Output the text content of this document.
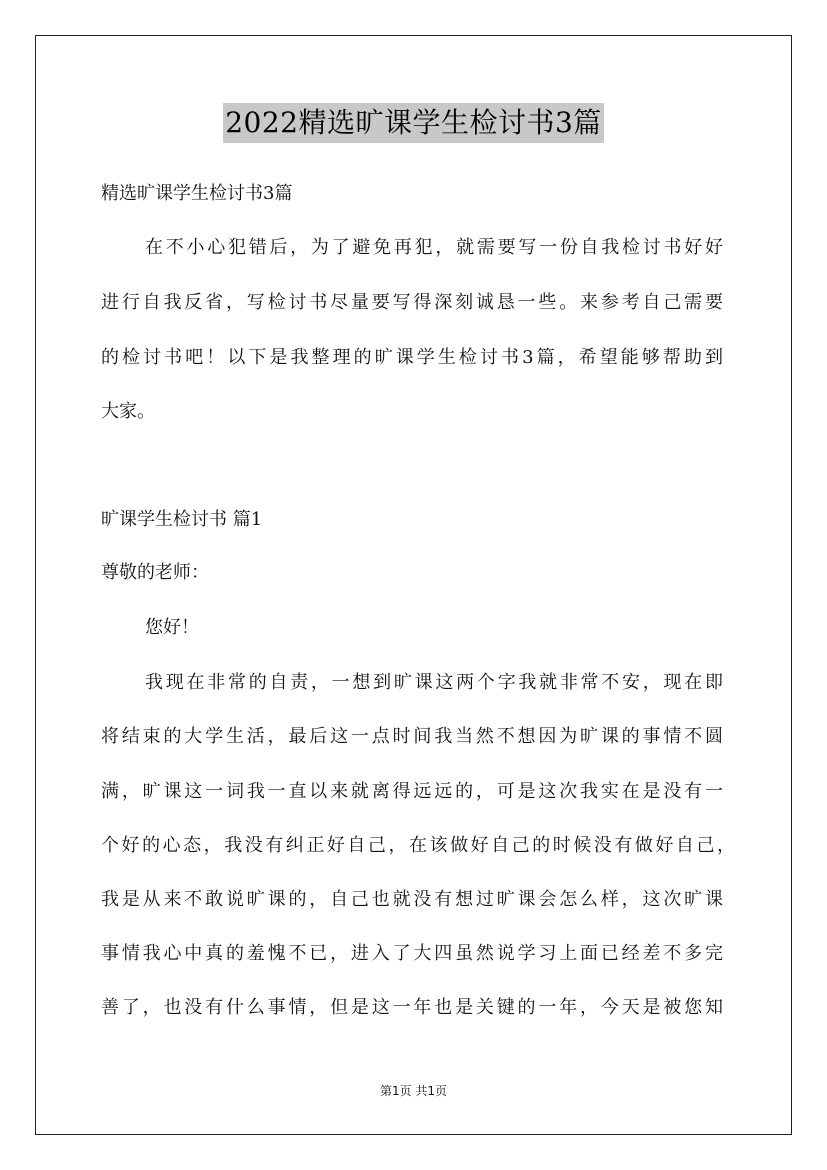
2022精选旷课学生检讨书3篇
精选旷课学生检讨书3篇
在不小心犯错后，为了避免再犯，就需要写一份自我检讨书好好
进行自我反省，写检讨书尽量要写得深刻诚恳一些。来参考自己需要
的检讨书吧！以下是我整理的旷课学生检讨书3篇，希望能够帮助到
大家。
旷课学生检讨书 篇1
尊敬的老师：
您好！
我现在非常的自责，一想到旷课这两个字我就非常不安，现在即
将结束的大学生活，最后这一点时间我当然不想因为旷课的事情不圆
满，旷课这一词我一直以来就离得远远的，可是这次我实在是没有一
个好的心态，我没有纠正好自己，在该做好自己的时候没有做好自己，
我是从来不敢说旷课的，自己也就没有想过旷课会怎么样，这次旷课
事情我心中真的羞愧不已，进入了大四虽然说学习上面已经差不多完
善了，也没有什么事情，但是这一年也是关键的一年，今天是被您知
第1页 共1页
